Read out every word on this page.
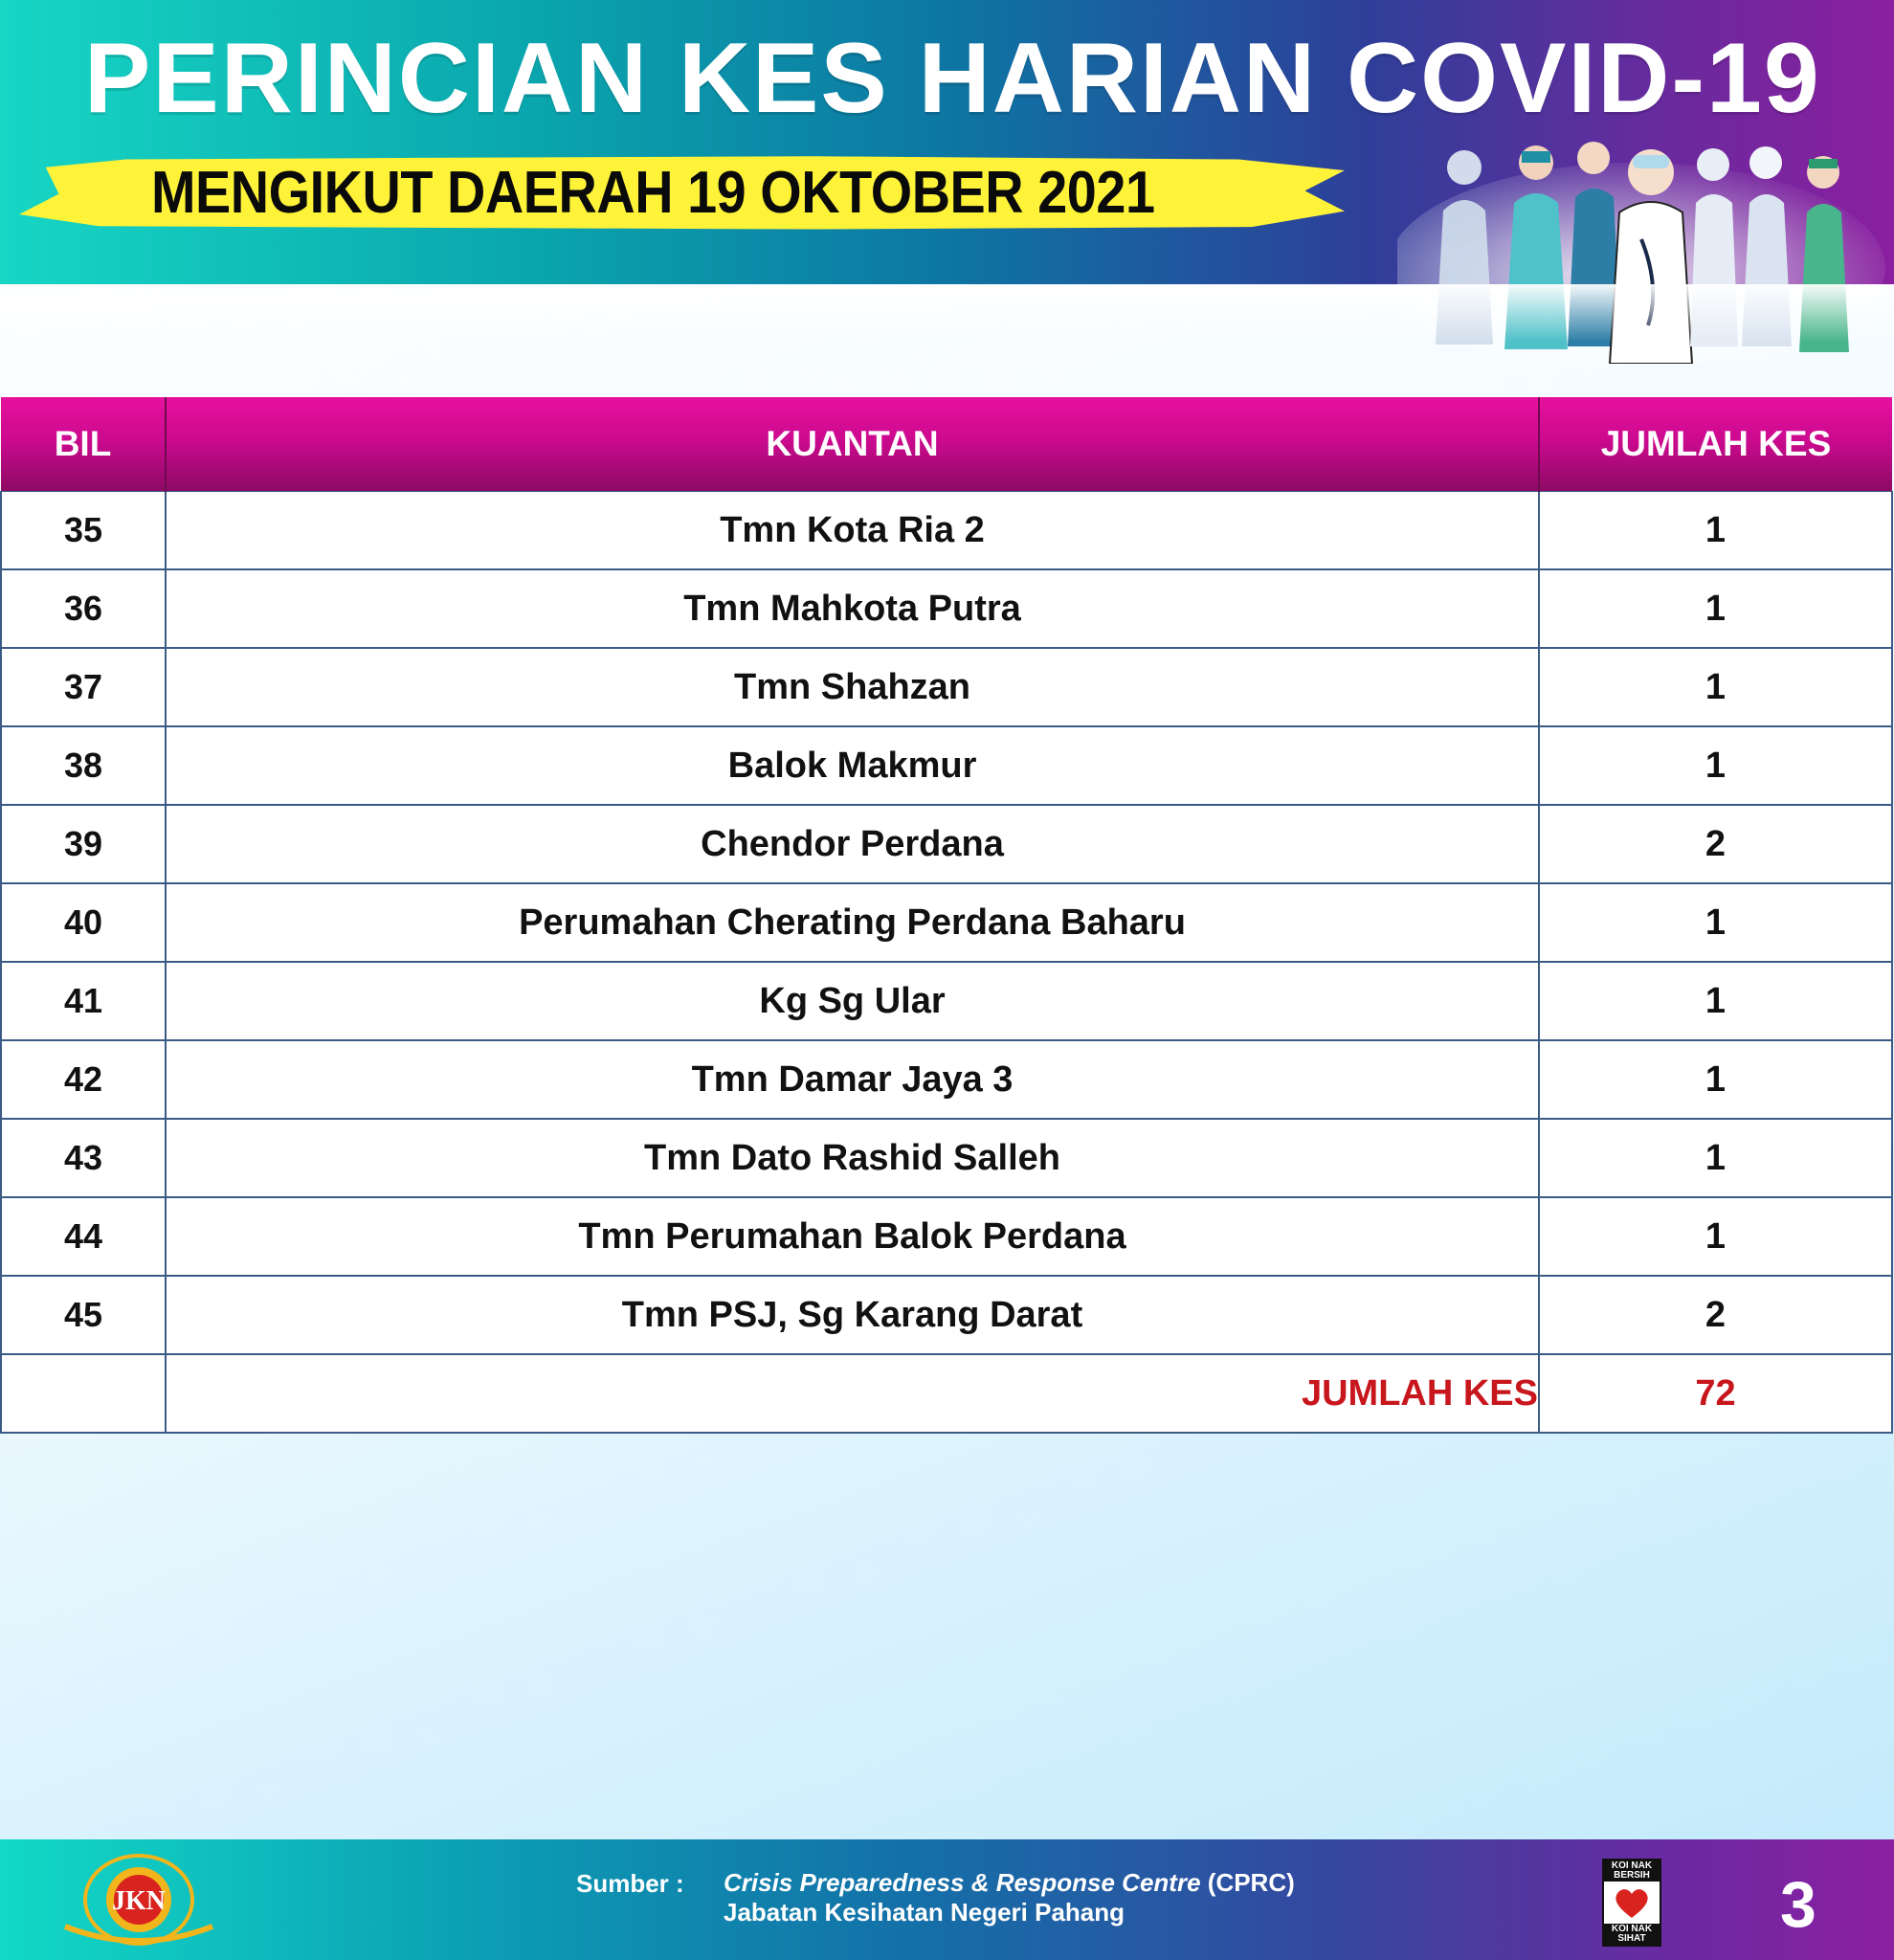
PERINCIAN KES HARIAN COVID-19
MENGIKUT DAERAH 19 OKTOBER 2021
BIL	KUANTAN	JUMLAH KES
35	Tmn Kota Ria 2	1
36	Tmn Mahkota Putra	1
37	Tmn Shahzan	1
38	Balok Makmur	1
39	Chendor Perdana	2
40	Perumahan Cherating Perdana Baharu	1
41	Kg Sg Ular	1
42	Tmn Damar Jaya 3	1
43	Tmn Dato Rashid Salleh	1
44	Tmn Perumahan Balok Perdana	1
45	Tmn PSJ, Sg Karang Darat	2
	JUMLAH KES	72
JKN
Sumber : Crisis Preparedness & Response Centre (CPRC)
Jabatan Kesihatan Negeri Pahang
KOI NAK BERSIH
KOI NAK SIHAT 3
